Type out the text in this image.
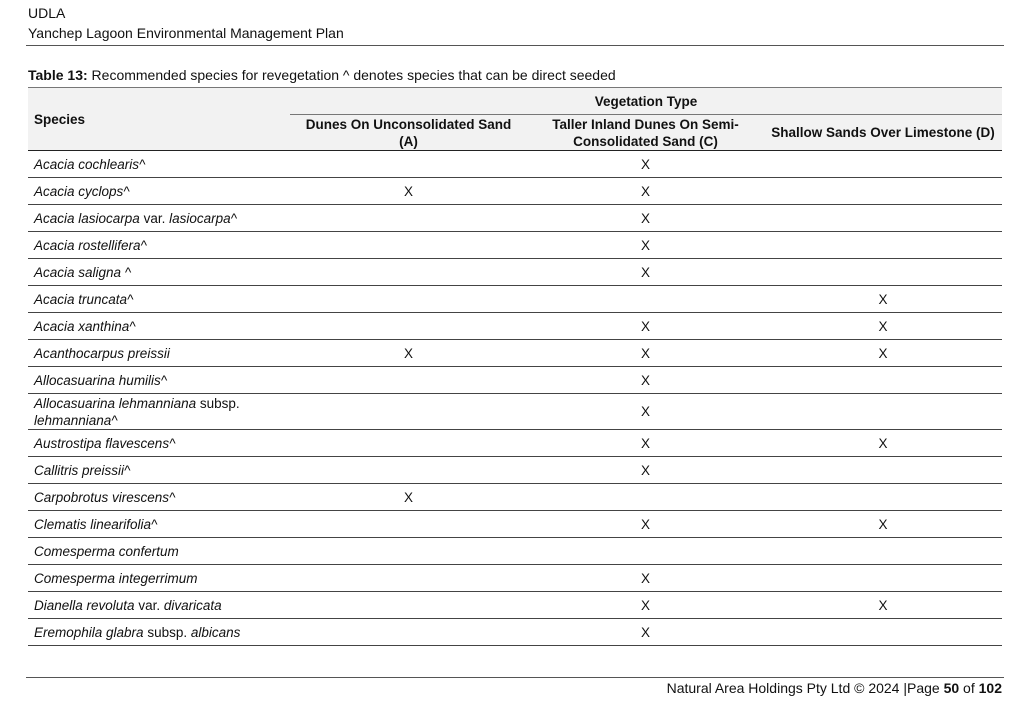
UDLA
Yanchep Lagoon Environmental Management Plan
Table 13: Recommended species for revegetation ^ denotes species that can be direct seeded
Species	Vegetation Type		
	Dunes On Unconsolidated Sand (A)	Taller Inland Dunes On Semi-Consolidated Sand (C)	Shallow Sands Over Limestone (D)
Acacia cochlearis^		X	
Acacia cyclops^	X	X	
Acacia lasiocarpa var. lasiocarpa^		X	
Acacia rostellifera^		X	
Acacia saligna ^		X	
Acacia truncata^			X
Acacia xanthina^		X	X
Acanthocarpus preissii	X	X	X
Allocasuarina humilis^		X	
Allocasuarina lehmanniana subsp. lehmanniana^		X	
Austrostipa flavescens^		X	X
Callitris preissii^		X	
Carpobrotus virescens^	X		
Clematis linearifolia^		X	X
Comesperma confertum			
Comesperma integerrimum		X	
Dianella revoluta var. divaricata		X	X
Eremophila glabra subsp. albicans		X	
Natural Area Holdings Pty Ltd © 2024 |Page 50 of 102
